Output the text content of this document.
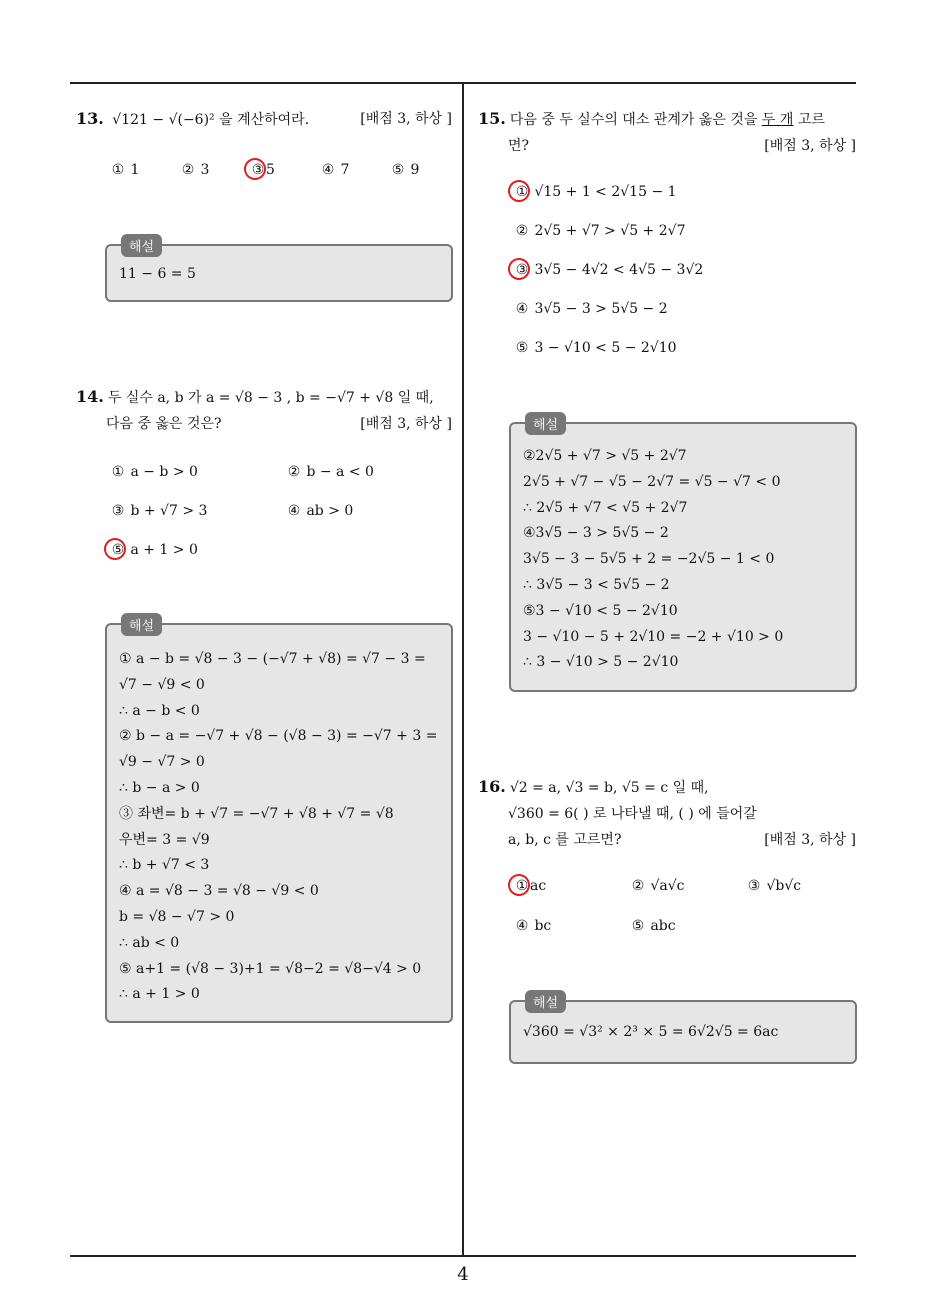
13. √121 − √(−6)² 을 계산하여라.	[배점 3, 하상 ]
① 1	② 3	③ 5	④ 7	⑤ 9
해설
11 − 6 = 5
14. 두 실수 a, b 가 a = √8 − 3 , b = −√7 + √8 일 때,
다음 중 옳은 것은?	[배점 3, 하상 ]
① a − b > 0	② b − a < 0
③ b + √7 > 3	④ ab > 0
⑤ a + 1 > 0
해설
① a − b = √8 − 3 − (−√7 + √8) = √7 − 3 =
√7 − √9 < 0
∴ a − b < 0
② b − a = −√7 + √8 − (√8 − 3) = −√7 + 3 =
√9 − √7 > 0
∴ b − a > 0
③ 좌변= b + √7 = −√7 + √8 + √7 = √8
우변= 3 = √9
∴ b + √7 < 3
④ a = √8 − 3 = √8 − √9 < 0
b = √8 − √7 > 0
∴ ab < 0
⑤ a+1 = (√8 − 3)+1 = √8−2 = √8−√4 > 0
∴ a + 1 > 0
15. 다음 중 두 실수의 대소 관계가 옳은 것을 두 개 고르
면?	[배점 3, 하상 ]
① √15 + 1 < 2√15 − 1
② 2√5 + √7 > √5 + 2√7
③ 3√5 − 4√2 < 4√5 − 3√2
④ 3√5 − 3 > 5√5 − 2
⑤ 3 − √10 < 5 − 2√10
해설
②2√5 + √7 > √5 + 2√7
2√5 + √7 − √5 − 2√7 = √5 − √7 < 0
∴ 2√5 + √7 < √5 + 2√7
④3√5 − 3 > 5√5 − 2
3√5 − 3 − 5√5 + 2 = −2√5 − 1 < 0
∴ 3√5 − 3 < 5√5 − 2
⑤3 − √10 < 5 − 2√10
3 − √10 − 5 + 2√10 = −2 + √10 > 0
∴ 3 − √10 > 5 − 2√10
16. √2 = a, √3 = b, √5 = c 일 때,
√360 = 6( ) 로 나타낼 때, ( ) 에 들어갈
a, b, c 를 고르면?	[배점 3, 하상 ]
① ac	② √a√c	③ √b√c
④ bc	⑤ abc
해설
√360 = √3² × 2³ × 5 = 6√2√5 = 6ac
4
